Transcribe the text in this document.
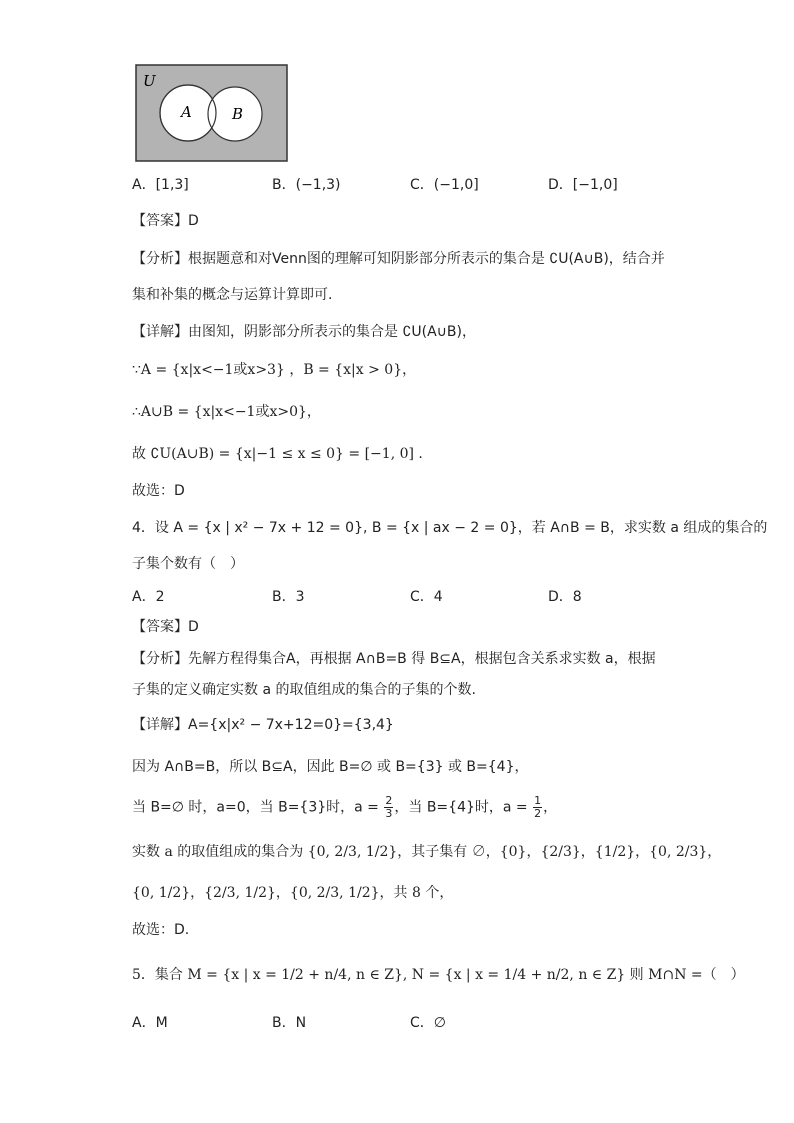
U
A	B
A．[1,3]	B．(−1,3)	C．(−1,0]	D．[−1,0]
【答案】D
【分析】根据题意和对Venn图的理解可知阴影部分所表示的集合是 ∁U(A∪B)，结合并
集和补集的概念与运算计算即可.
【详解】由图知，阴影部分所表示的集合是 ∁U(A∪B)，
∵A = {x|x<−1或x>3} ，B = {x|x > 0}，
∴A∪B = {x|x<−1或x>0}，
故 ∁U(A∪B) = {x|−1 ≤ x ≤ 0} = [−1, 0] .
故选：D
4．设 A = {x | x² − 7x + 12 = 0}, B = {x | ax − 2 = 0}，若 A∩B = B，求实数 a 组成的集合的
子集个数有（　）
A．2	B．3	C．4	D．8
【答案】D
【分析】先解方程得集合A，再根据 A∩B=B 得 B⊆A，根据包含关系求实数 a，根据
子集的定义确定实数 a 的取值组成的集合的子集的个数.
【详解】A={x|x² − 7x+12=0}={3,4}
因为 A∩B=B，所以 B⊆A，因此 B=∅ 或 B={3} 或 B={4}，
当 B=∅ 时，a=0，当 B={3}时，$a = \frac{2}{3}$ ，当 B={4}时，$a = \frac{1}{2}$ ，
实数 a 的取值组成的集合为 {0, 2/3, 1/2}，其子集有 ∅，{0}，{2/3}，{1/2}，{0, 2/3}，
{0, 1/2}，{2/3, 1/2}，{0, 2/3, 1/2}，共 8 个，
故选：D.
5．集合 M = {x | x = 1/2 + n/4, n ∈ Z}, N = {x | x = 1/4 + n/2, n ∈ Z} 则 M∩N =（　）
A．M	B．N	C．∅
